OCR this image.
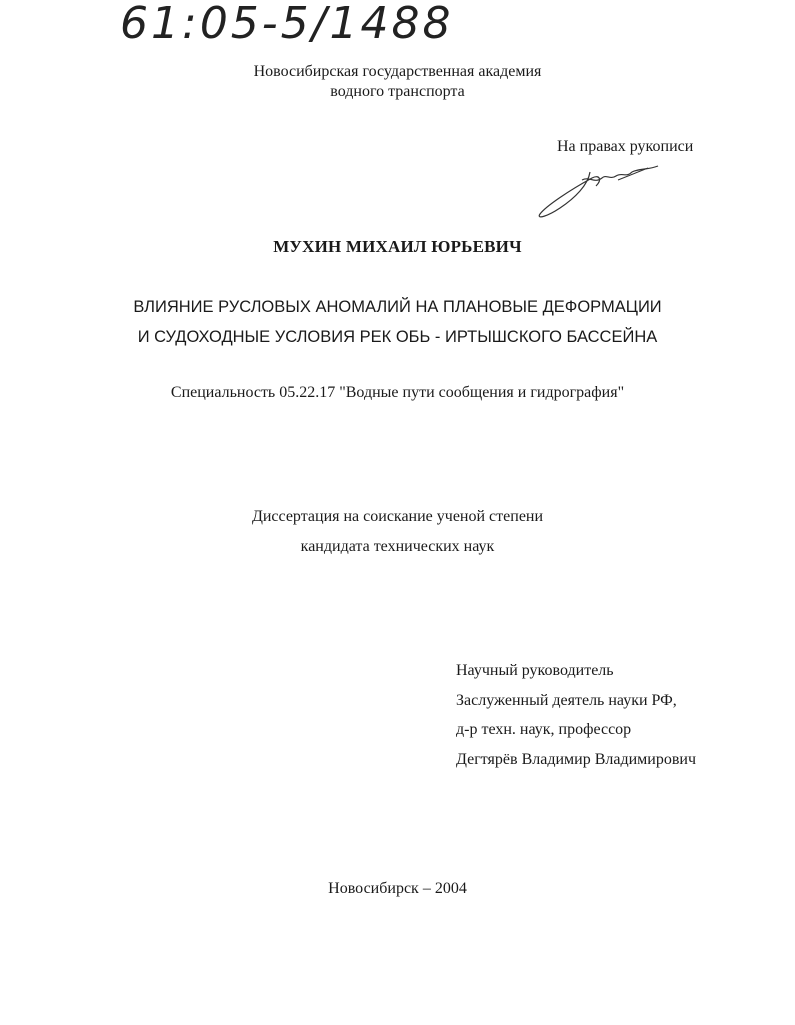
61:05-5/1488
Новосибирская государственная академия
водного транспорта
На правах рукописи
МУХИН МИХАИЛ ЮРЬЕВИЧ
ВЛИЯНИЕ РУСЛОВЫХ АНОМАЛИЙ НА ПЛАНОВЫЕ ДЕФОРМАЦИИ
И СУДОХОДНЫЕ УСЛОВИЯ РЕК ОБЬ - ИРТЫШСКОГО БАССЕЙНА
Специальность 05.22.17 "Водные пути сообщения и гидрография"
Диссертация на соискание ученой степени
кандидата технических наук
Научный руководитель
Заслуженный деятель науки РФ,
д-р техн. наук, профессор
Дегтярёв Владимир Владимирович
Новосибирск – 2004
